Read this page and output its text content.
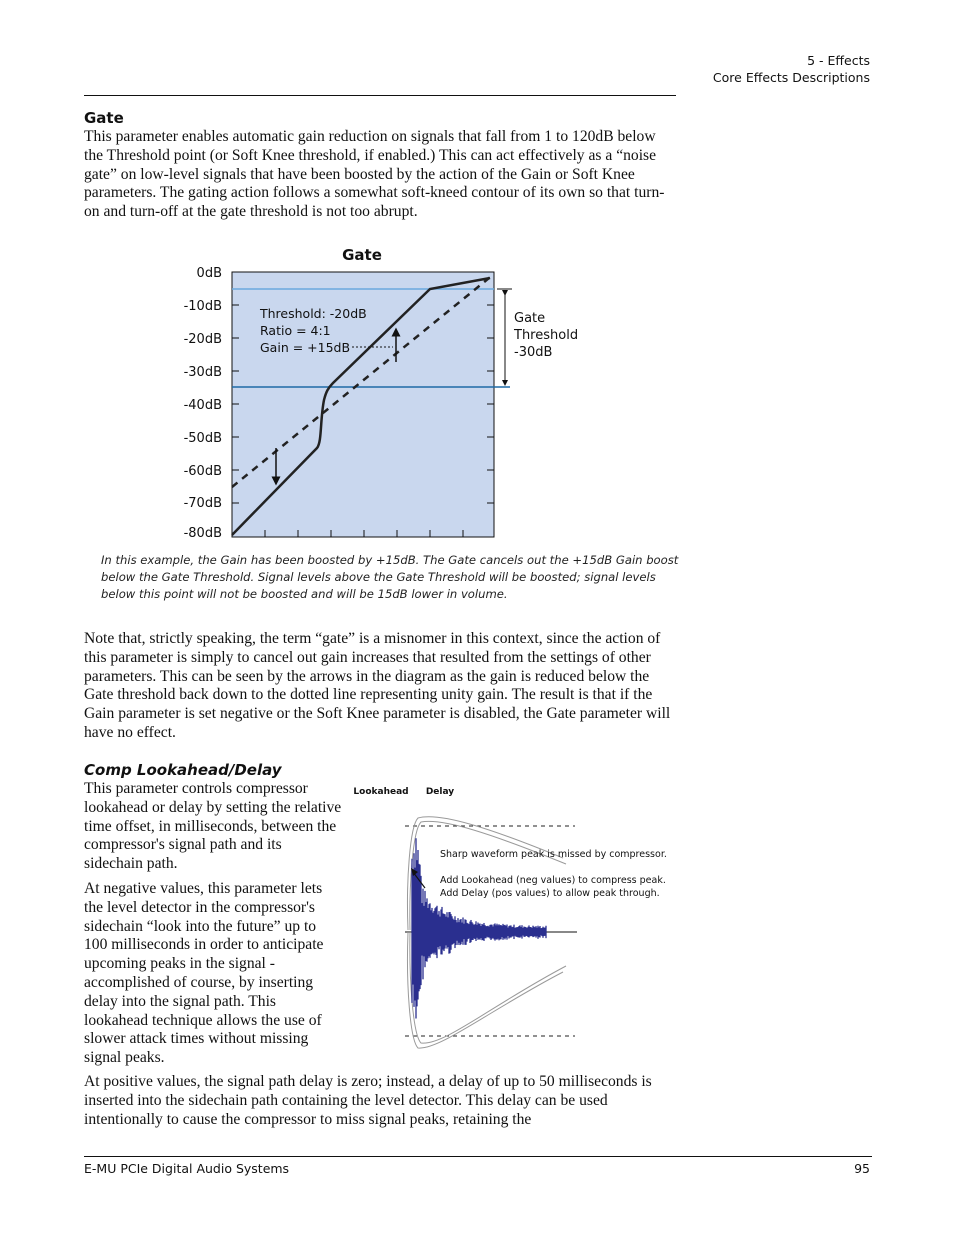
5 - Effects
Core Effects Descriptions
Gate
This parameter enables automatic gain reduction on signals that fall from 1 to 120dB below the Threshold point (or Soft Knee threshold, if enabled.) This can act effectively as a “noise gate” on low-level signals that have been boosted by the action of the Gain or Soft Knee parameters. The gating action follows a somewhat soft-kneed contour of its own so that turn-on and turn-off at the gate threshold is not too abrupt.
Gate
0dB
-10dB
-20dB
-30dB
-40dB
-50dB
-60dB
-70dB
-80dB
Threshold: -20dB
Ratio = 4:1
Gain = +15dB
Gate
Threshold
-30dB
In this example, the Gain has been boosted by +15dB. The Gate cancels out the +15dB Gain boost below the Gate Threshold. Signal levels above the Gate Threshold will be boosted; signal levels below this point will not be boosted and will be 15dB lower in volume.
Note that, strictly speaking, the term “gate” is a misnomer in this context, since the action of this parameter is simply to cancel out gain increases that resulted from the settings of other parameters. This can be seen by the arrows in the diagram as the gain is reduced below the Gate threshold back down to the dotted line representing unity gain. The result is that if the Gain parameter is set negative or the Soft Knee parameter is disabled, the Gate parameter will have no effect.
Comp Lookahead/Delay
This parameter controls compressor lookahead or delay by setting the relative time offset, in milliseconds, between the compressor's signal path and its sidechain path.
At negative values, this parameter lets the level detector in the compressor's sidechain “look into the future” up to 100 milliseconds in order to anticipate upcoming peaks in the signal - accomplished of course, by inserting delay into the signal path. This lookahead technique allows the use of slower attack times without missing signal peaks.
At positive values, the signal path delay is zero; instead, a delay of up to 50 milliseconds is inserted into the sidechain path containing the level detector. This delay can be used intentionally to cause the compressor to miss signal peaks, retaining the
Lookahead Delay
Sharp waveform peak is missed by compressor.
Add Lookahead (neg values) to compress peak.
Add Delay (pos values) to allow peak through.
E-MU PCIe Digital Audio Systems	95
